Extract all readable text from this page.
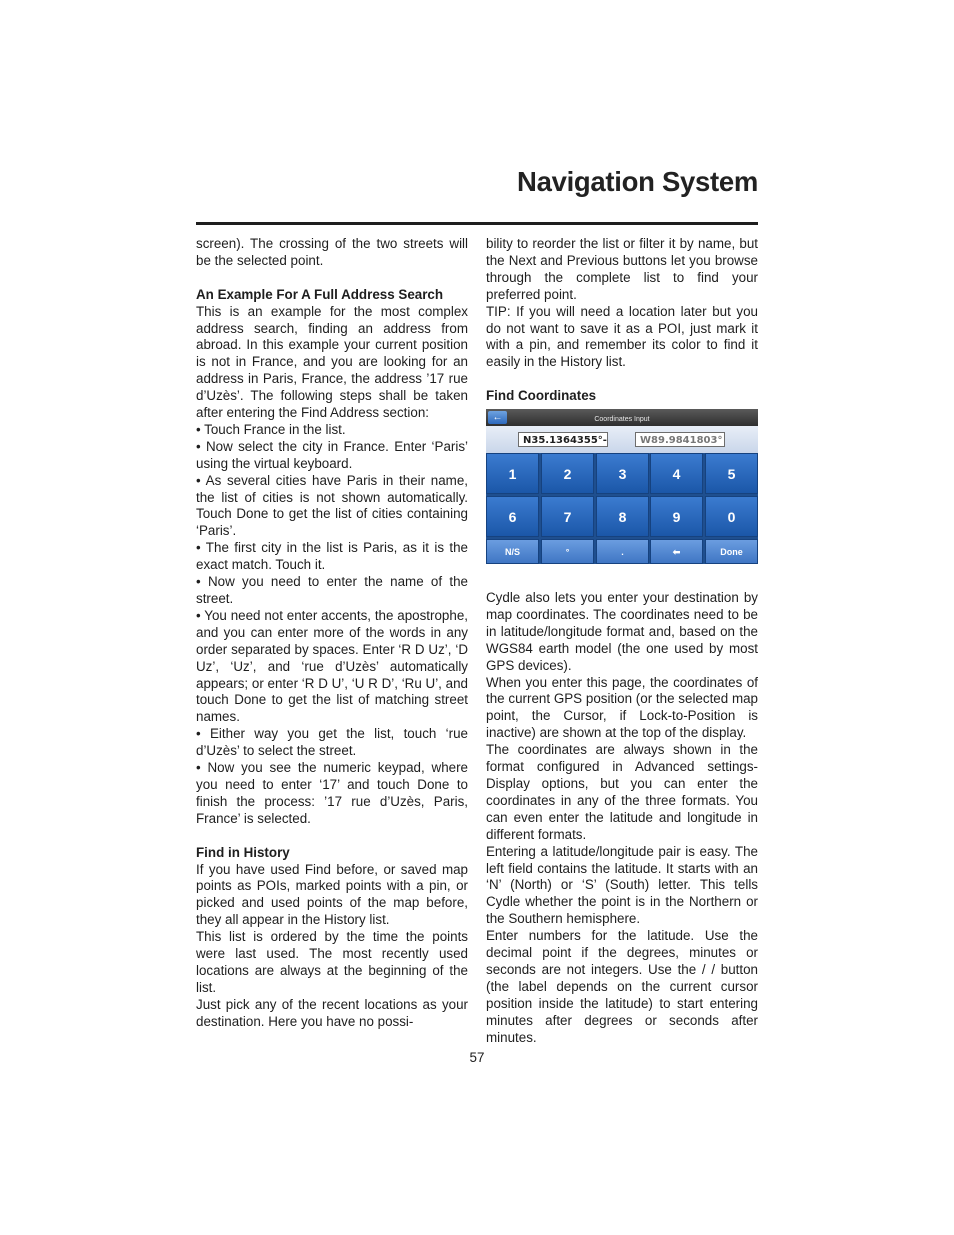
Navigation System

screen). The crossing of the two streets will be the selected point.

An Example For A Full Address Search

This is an example for the most complex address search, finding an address from abroad. In this example your current position is not in France, and you are looking for an address in Paris, France, the address ’17 rue d’Uzès’. The following steps shall be taken after entering the Find Address section:

• Touch France in the list.

• Now select the city in France. Enter ‘Paris’ using the virtual keyboard.

• As several cities have Paris in their name, the list of cities is not shown automatically. Touch Done to get the list of cities containing ‘Paris’.

• The first city in the list is Paris, as it is the exact match. Touch it.

• Now you need to enter the name of the street.

• You need not enter accents, the apostrophe, and you can enter more of the words in any order separated by spaces. Enter ‘R D Uz’, ‘D Uz’, ‘Uz’, and ‘rue d’Uzès’ automatically appears; or enter ‘R D U’, ‘U R D’, ‘Ru U’, and touch Done to get the list of matching street names.

• Either way you get the list, touch ‘rue d’Uzès’ to select the street.

• Now you see the numeric keypad, where you need to enter ‘17’ and touch Done to finish the process: ’17 rue d’Uzès, Paris, France’ is selected.

Find in History

If you have used Find before, or saved map points as POIs, marked points with a pin, or picked and used points of the map before, they all appear in the History list.

This list is ordered by the time the points were last used. The most recently used locations are always at the beginning of the list.

Just pick any of the recent locations as your destination. Here you have no possi-

bility to reorder the list or filter it by name, but the Next and Previous buttons let you browse through the complete list to find your preferred point.

TIP: If you will need a location later but you do not want to save it as a POI, just mark it with a pin, and remember its color to find it easily in the History list.

Find Coordinates

Coordinates Input
←
N35.1364355°-	W89.9841803°
1	2	3	4	5
6	7	8	9	0
N/S	°	.	⬅	Done

Cydle also lets you enter your destination by map coordinates. The coordinates need to be in latitude/longitude format and, based on the WGS84 earth model (the one used by most GPS devices).

When you enter this page, the coordinates of the current GPS position (or the selected map point, the Cursor, if Lock-to-Position is inactive) are shown at the top of the display.

The coordinates are always shown in the format configured in Advanced settings-Display options, but you can enter the coordinates in any of the three formats. You can even enter the latitude and longitude in different formats.

Entering a latitude/longitude pair is easy. The left field contains the latitude. It starts with an ‘N’ (North) or ‘S’ (South) letter. This tells Cydle whether the point is in the Northern or the Southern hemisphere.

Enter numbers for the latitude. Use the decimal point if the degrees, minutes or seconds are not integers. Use the / / button (the label depends on the current cursor position inside the latitude) to start entering minutes after degrees or seconds after minutes.

57
